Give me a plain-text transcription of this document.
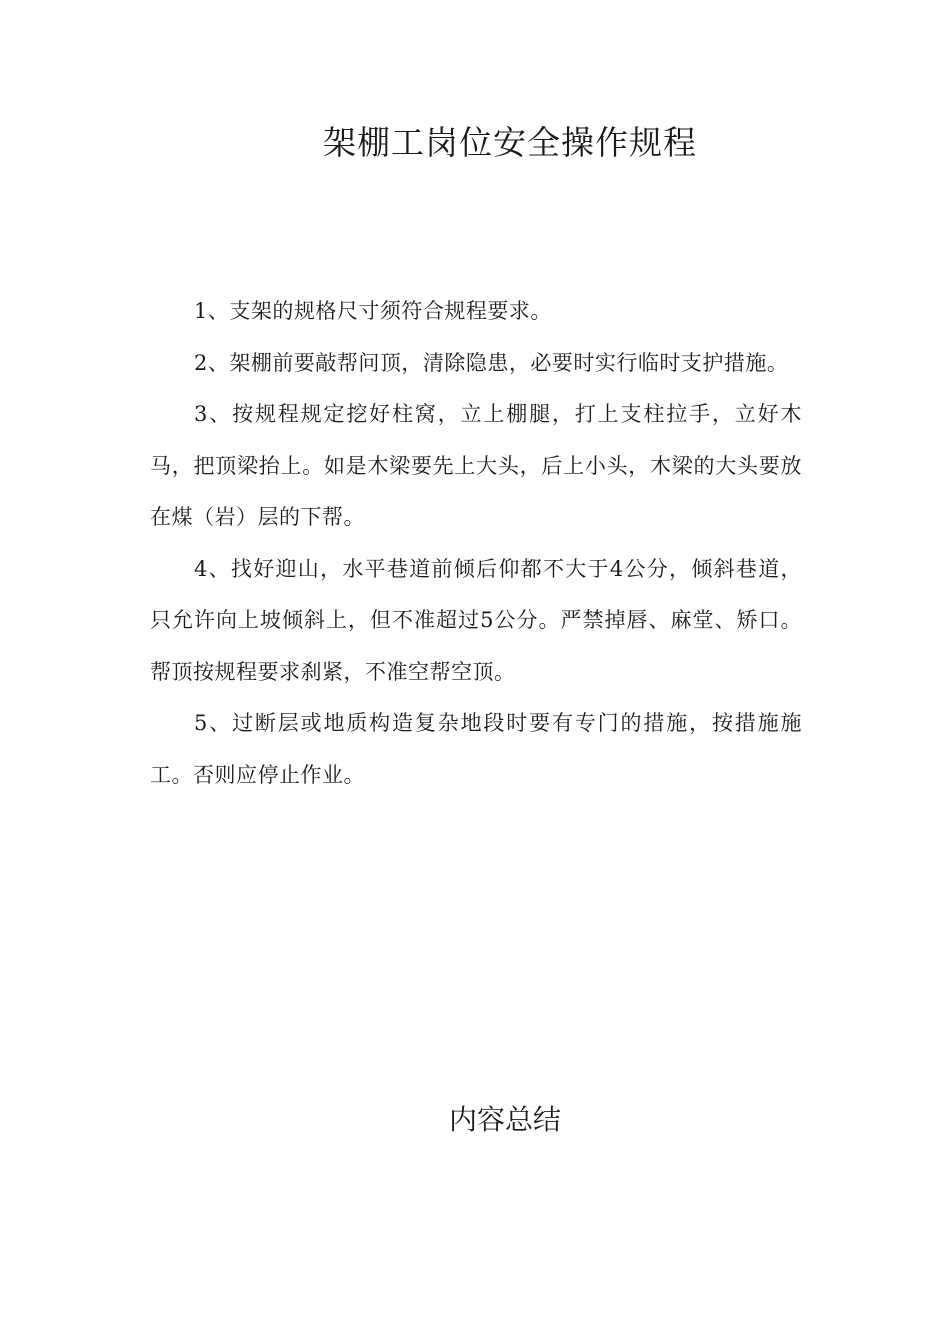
架棚工岗位安全操作规程

1、支架的规格尺寸须符合规程要求。

2、架棚前要敲帮问顶，清除隐患，必要时实行临时支护措施。

3、按规程规定挖好柱窝，立上棚腿，打上支柱拉手，立好木马，把顶梁抬上。如是木梁要先上大头，后上小头，木梁的大头要放在煤（岩）层的下帮。

4、找好迎山，水平巷道前倾后仰都不大于4公分，倾斜巷道，只允许向上坡倾斜上，但不准超过5公分。严禁掉唇、麻堂、矫口。帮顶按规程要求刹紧，不准空帮空顶。

5、过断层或地质构造复杂地段时要有专门的措施，按措施施工。否则应停止作业。

内容总结
